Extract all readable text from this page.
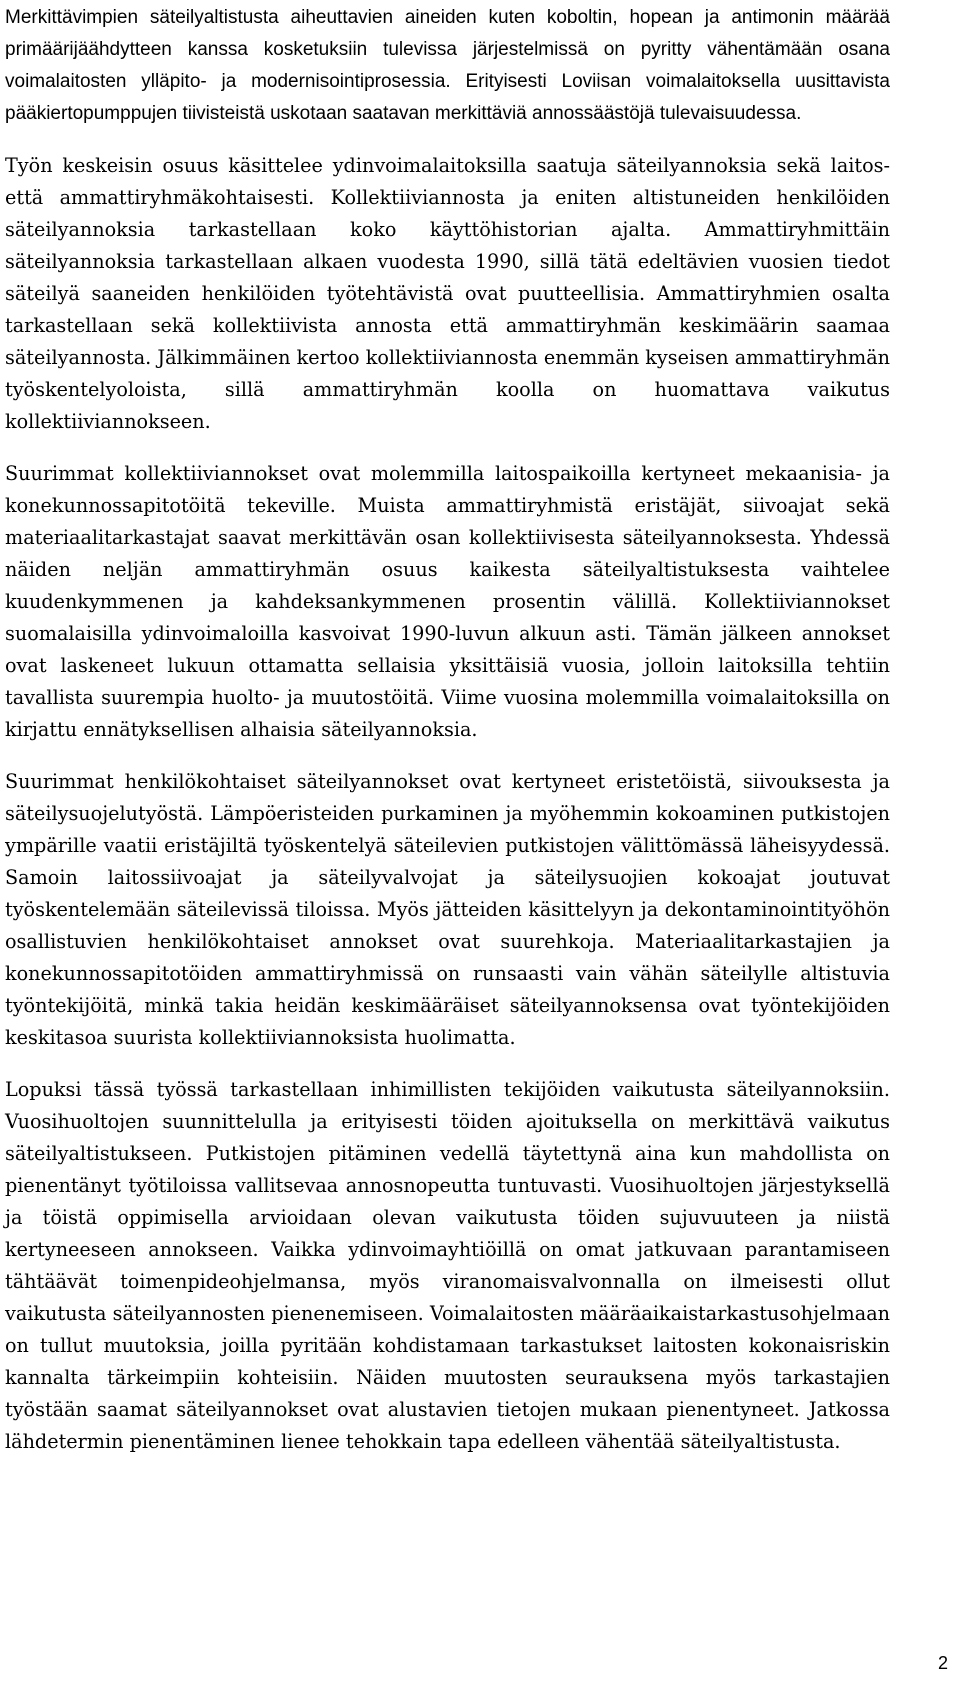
Merkittävimpien säteilyaltistusta aiheuttavien aineiden kuten koboltin, hopean ja antimonin määrää primäärijäähdytteen kanssa kosketuksiin tulevissa järjestelmissä on pyritty vähentämään osana voimalaitosten ylläpito- ja modernisointiprosessia. Erityisesti Loviisan voimalaitoksella uusittavista pääkiertopumppujen tiivisteistä uskotaan saatavan merkittäviä annossäästöjä tulevaisuudessa.

Työn keskeisin osuus käsittelee ydinvoimalaitoksilla saatuja säteilyannoksia sekä laitos- että ammattiryhmäkohtaisesti. Kollektiiviannosta ja eniten altistuneiden henkilöiden säteilyannoksia tarkastellaan koko käyttöhistorian ajalta. Ammattiryhmittäin säteilyannoksia tarkastellaan alkaen vuodesta 1990, sillä tätä edeltävien vuosien tiedot säteilyä saaneiden henkilöiden työtehtävistä ovat puutteellisia. Ammattiryhmien osalta tarkastellaan sekä kollektiivista annosta että ammattiryhmän keskimäärin saamaa säteilyannosta. Jälkimmäinen kertoo kollektiiviannosta enemmän kyseisen ammattiryhmän työskentelyoloista, sillä ammattiryhmän koolla on huomattava vaikutus kollektiiviannokseen.

Suurimmat kollektiiviannokset ovat molemmilla laitospaikoilla kertyneet mekaanisia- ja konekunnossapitotöitä tekeville. Muista ammattiryhmistä eristäjät, siivoajat sekä materiaalitarkastajat saavat merkittävän osan kollektiivisesta säteilyannoksesta. Yhdessä näiden neljän ammattiryhmän osuus kaikesta säteilyaltistuksesta vaihtelee kuudenkymmenen ja kahdeksankymmenen prosentin välillä. Kollektiiviannokset suomalaisilla ydinvoimaloilla kasvoivat 1990-luvun alkuun asti. Tämän jälkeen annokset ovat laskeneet lukuun ottamatta sellaisia yksittäisiä vuosia, jolloin laitoksilla tehtiin tavallista suurempia huolto- ja muutostöitä. Viime vuosina molemmilla voimalaitoksilla on kirjattu ennätyksellisen alhaisia säteilyannoksia.

Suurimmat henkilökohtaiset säteilyannokset ovat kertyneet eristetöistä, siivouksesta ja säteilysuojelutyöstä. Lämpöeristeiden purkaminen ja myöhemmin kokoaminen putkistojen ympärille vaatii eristäjiltä työskentelyä säteilevien putkistojen välittömässä läheisyydessä. Samoin laitossiivoajat ja säteilyvalvojat ja säteilysuojien kokoajat joutuvat työskentelemään säteilevissä tiloissa. Myös jätteiden käsittelyyn ja dekontaminointityöhön osallistuvien henkilökohtaiset annokset ovat suurehkoja. Materiaalitarkastajien ja konekunnossapitotöiden ammattiryhmissä on runsaasti vain vähän säteilylle altistuvia työntekijöitä, minkä takia heidän keskimääräiset säteilyannoksensa ovat työntekijöiden keskitasoa suurista kollektiiviannoksista huolimatta.

Lopuksi tässä työssä tarkastellaan inhimillisten tekijöiden vaikutusta säteilyannoksiin. Vuosihuoltojen suunnittelulla ja erityisesti töiden ajoituksella on merkittävä vaikutus säteilyaltistukseen. Putkistojen pitäminen vedellä täytettynä aina kun mahdollista on pienentänyt työtiloissa vallitsevaa annosnopeutta tuntuvasti. Vuosihuoltojen järjestyksellä ja töistä oppimisella arvioidaan olevan vaikutusta töiden sujuvuuteen ja niistä kertyneeseen annokseen. Vaikka ydinvoimayhtiöillä on omat jatkuvaan parantamiseen tähtäävät toimenpideohjelmansa, myös viranomaisvalvonnalla on ilmeisesti ollut vaikutusta säteilyannosten pienenemiseen. Voimalaitosten määräaikaistarkastusohjelmaan on tullut muutoksia, joilla pyritään kohdistamaan tarkastukset laitosten kokonaisriskin kannalta tärkeimpiin kohteisiin. Näiden muutosten seurauksena myös tarkastajien työstään saamat säteilyannokset ovat alustavien tietojen mukaan pienentyneet. Jatkossa lähdetermin pienentäminen lienee tehokkain tapa edelleen vähentää säteilyaltistusta.

2
